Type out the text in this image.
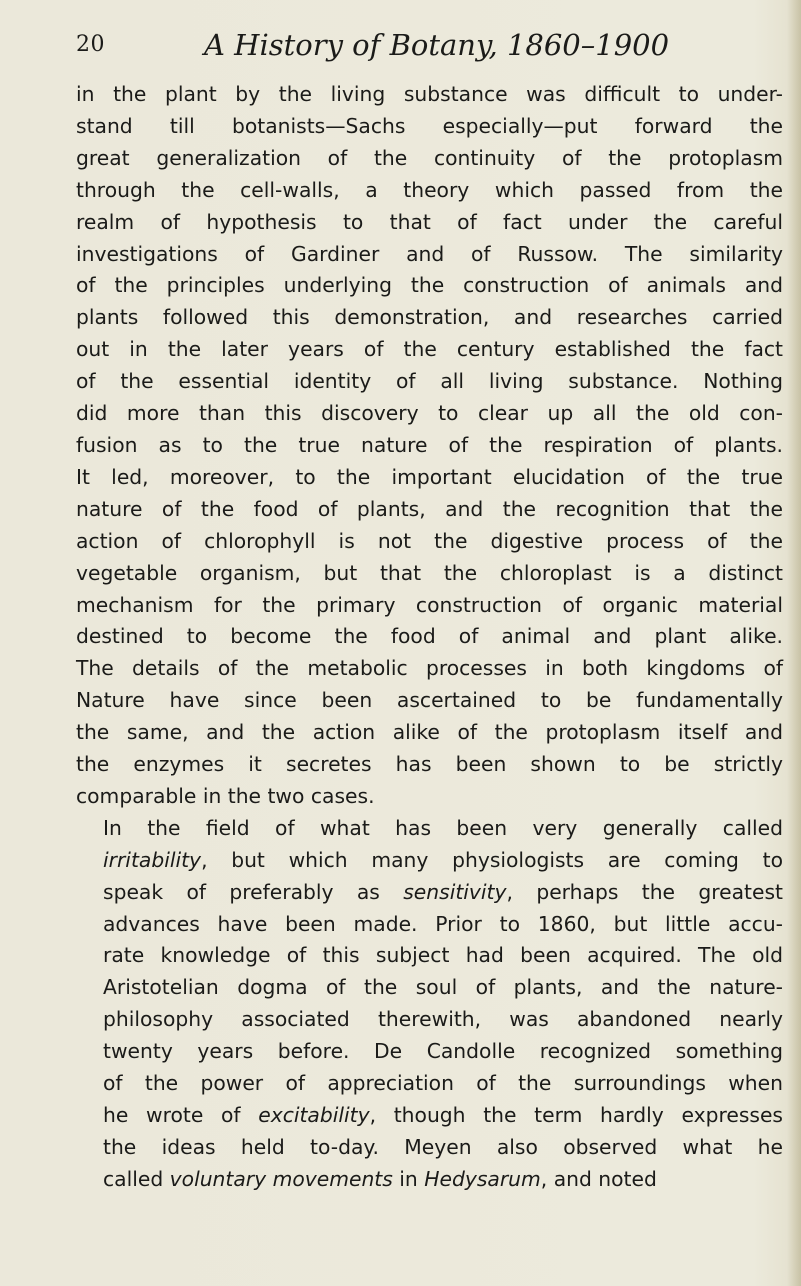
20	A History of Botany, 1860–1900
in the plant by the living substance was difficult to under-
stand till botanists—Sachs especially—put forward the
great generalization of the continuity of the protoplasm
through the cell-walls, a theory which passed from the
realm of hypothesis to that of fact under the careful
investigations of Gardiner and of Russow. The similarity
of the principles underlying the construction of animals and
plants followed this demonstration, and researches carried
out in the later years of the century established the fact
of the essential identity of all living substance. Nothing
did more than this discovery to clear up all the old con-
fusion as to the true nature of the respiration of plants.
It led, moreover, to the important elucidation of the true
nature of the food of plants, and the recognition that the
action of chlorophyll is not the digestive process of the
vegetable organism, but that the chloroplast is a distinct
mechanism for the primary construction of organic material
destined to become the food of animal and plant alike.
The details of the metabolic processes in both kingdoms of
Nature have since been ascertained to be fundamentally
the same, and the action alike of the protoplasm itself and
the enzymes it secretes has been shown to be strictly
comparable in the two cases.
In the field of what has been very generally called
irritability, but which many physiologists are coming to
speak of preferably as sensitivity, perhaps the greatest
advances have been made. Prior to 1860, but little accu-
rate knowledge of this subject had been acquired. The old
Aristotelian dogma of the soul of plants, and the nature-
philosophy associated therewith, was abandoned nearly
twenty years before. De Candolle recognized something
of the power of appreciation of the surroundings when
he wrote of excitability, though the term hardly expresses
the ideas held to-day. Meyen also observed what he
called voluntary movements in Hedysarum, and noted
